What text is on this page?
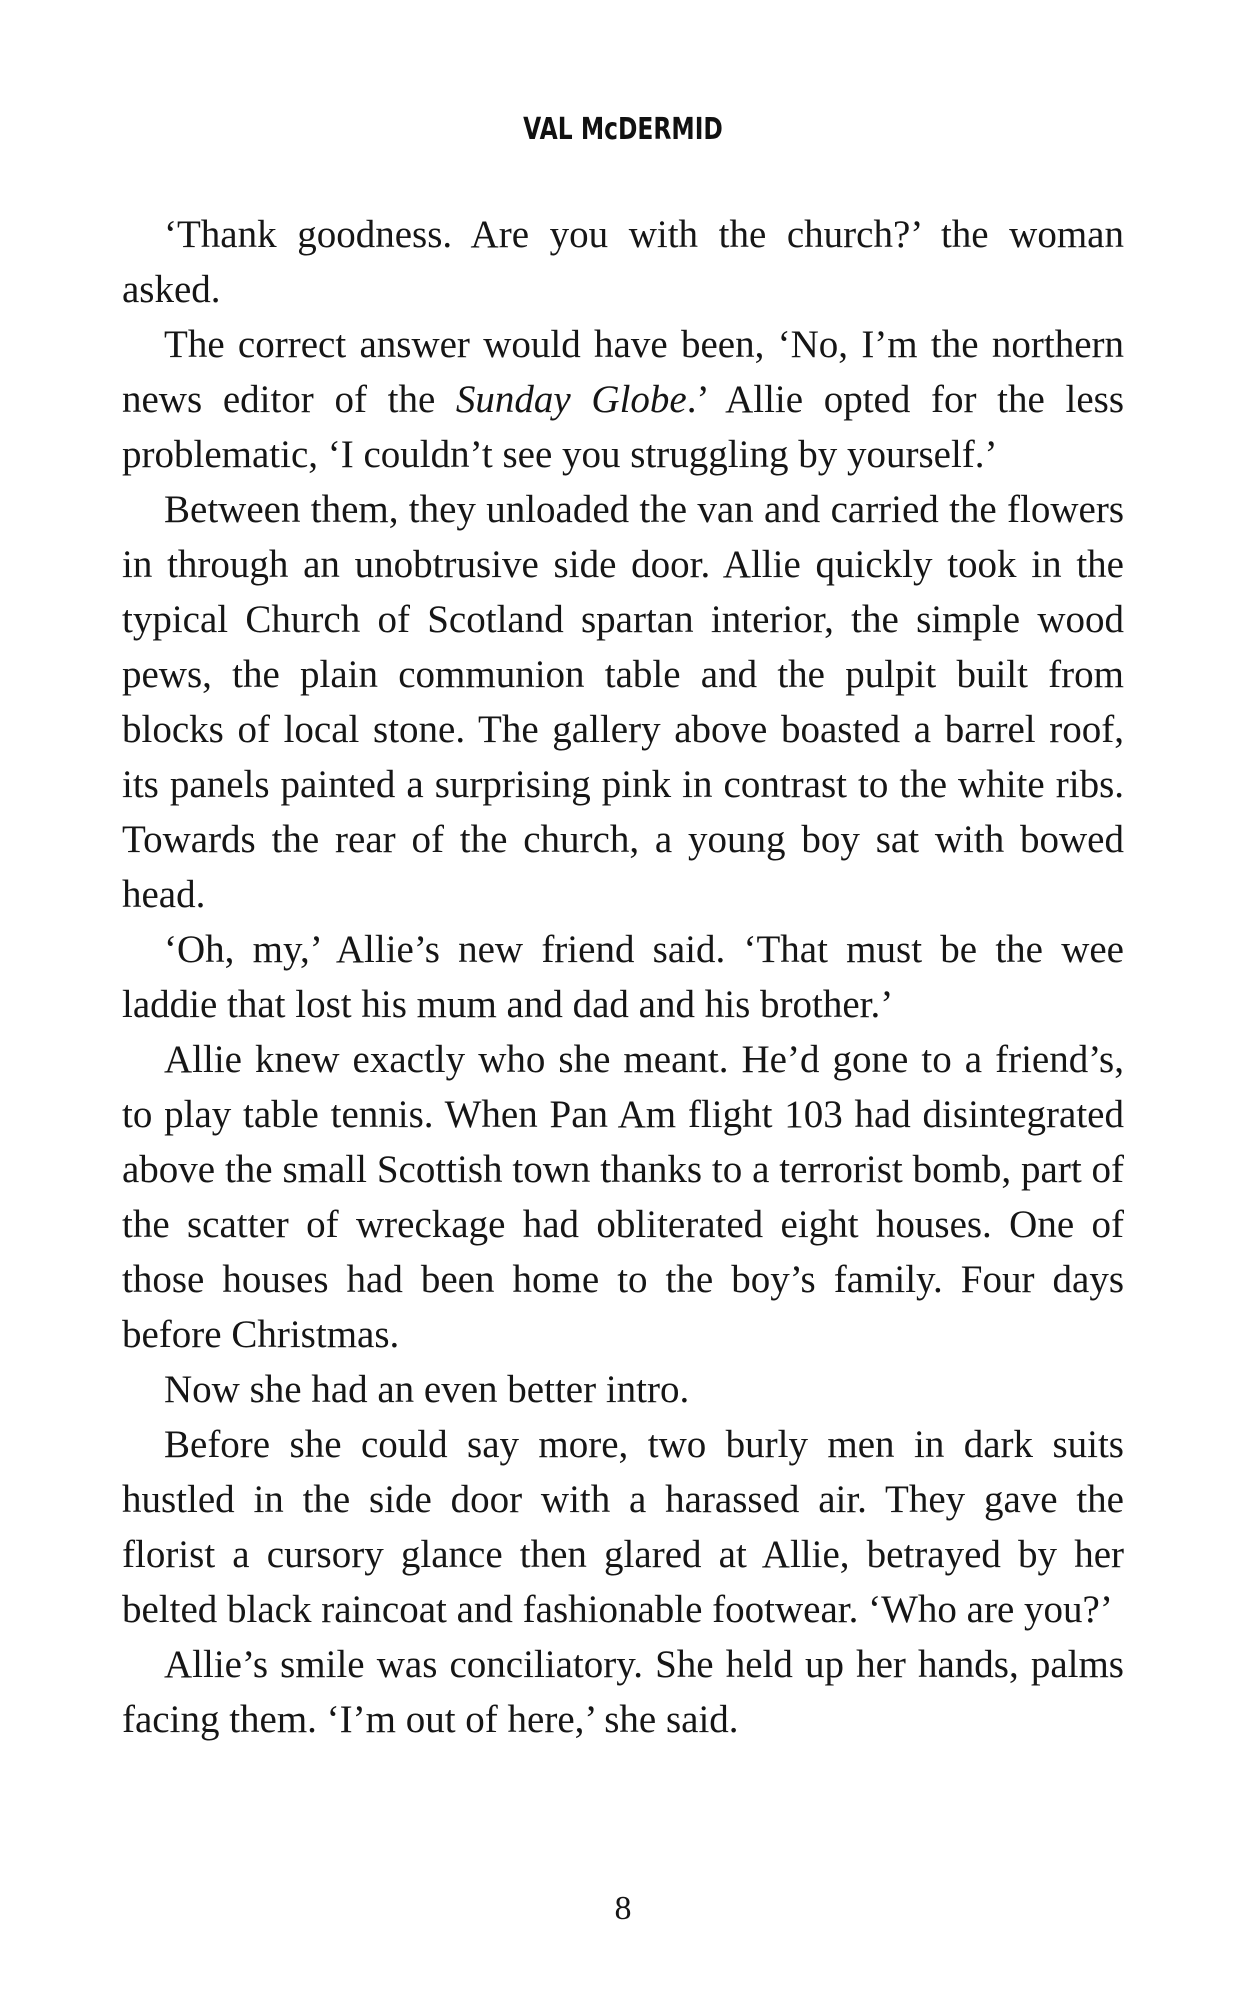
VAL McDERMID

‘Thank goodness. Are you with the church?’ the woman asked.

The correct answer would have been, ‘No, I’m the northern news editor of the Sunday Globe.’ Allie opted for the less problematic, ‘I couldn’t see you struggling by yourself.’

Between them, they unloaded the van and carried the flowers in through an unobtrusive side door. Allie quickly took in the typical Church of Scotland spartan interior, the simple wood pews, the plain communion table and the pulpit built from blocks of local stone. The gallery above boasted a barrel roof, its panels painted a surprising pink in contrast to the white ribs. Towards the rear of the church, a young boy sat with bowed head.

‘Oh, my,’ Allie’s new friend said. ‘That must be the wee laddie that lost his mum and dad and his brother.’

Allie knew exactly who she meant. He’d gone to a friend’s, to play table tennis. When Pan Am flight 103 had disintegrated above the small Scottish town thanks to a terrorist bomb, part of the scatter of wreckage had obliterated eight houses. One of those houses had been home to the boy’s family. Four days before Christmas.

Now she had an even better intro.

Before she could say more, two burly men in dark suits hustled in the side door with a harassed air. They gave the florist a cursory glance then glared at Allie, betrayed by her belted black raincoat and fashionable footwear. ‘Who are you?’

Allie’s smile was conciliatory. She held up her hands, palms facing them. ‘I’m out of here,’ she said.

8
